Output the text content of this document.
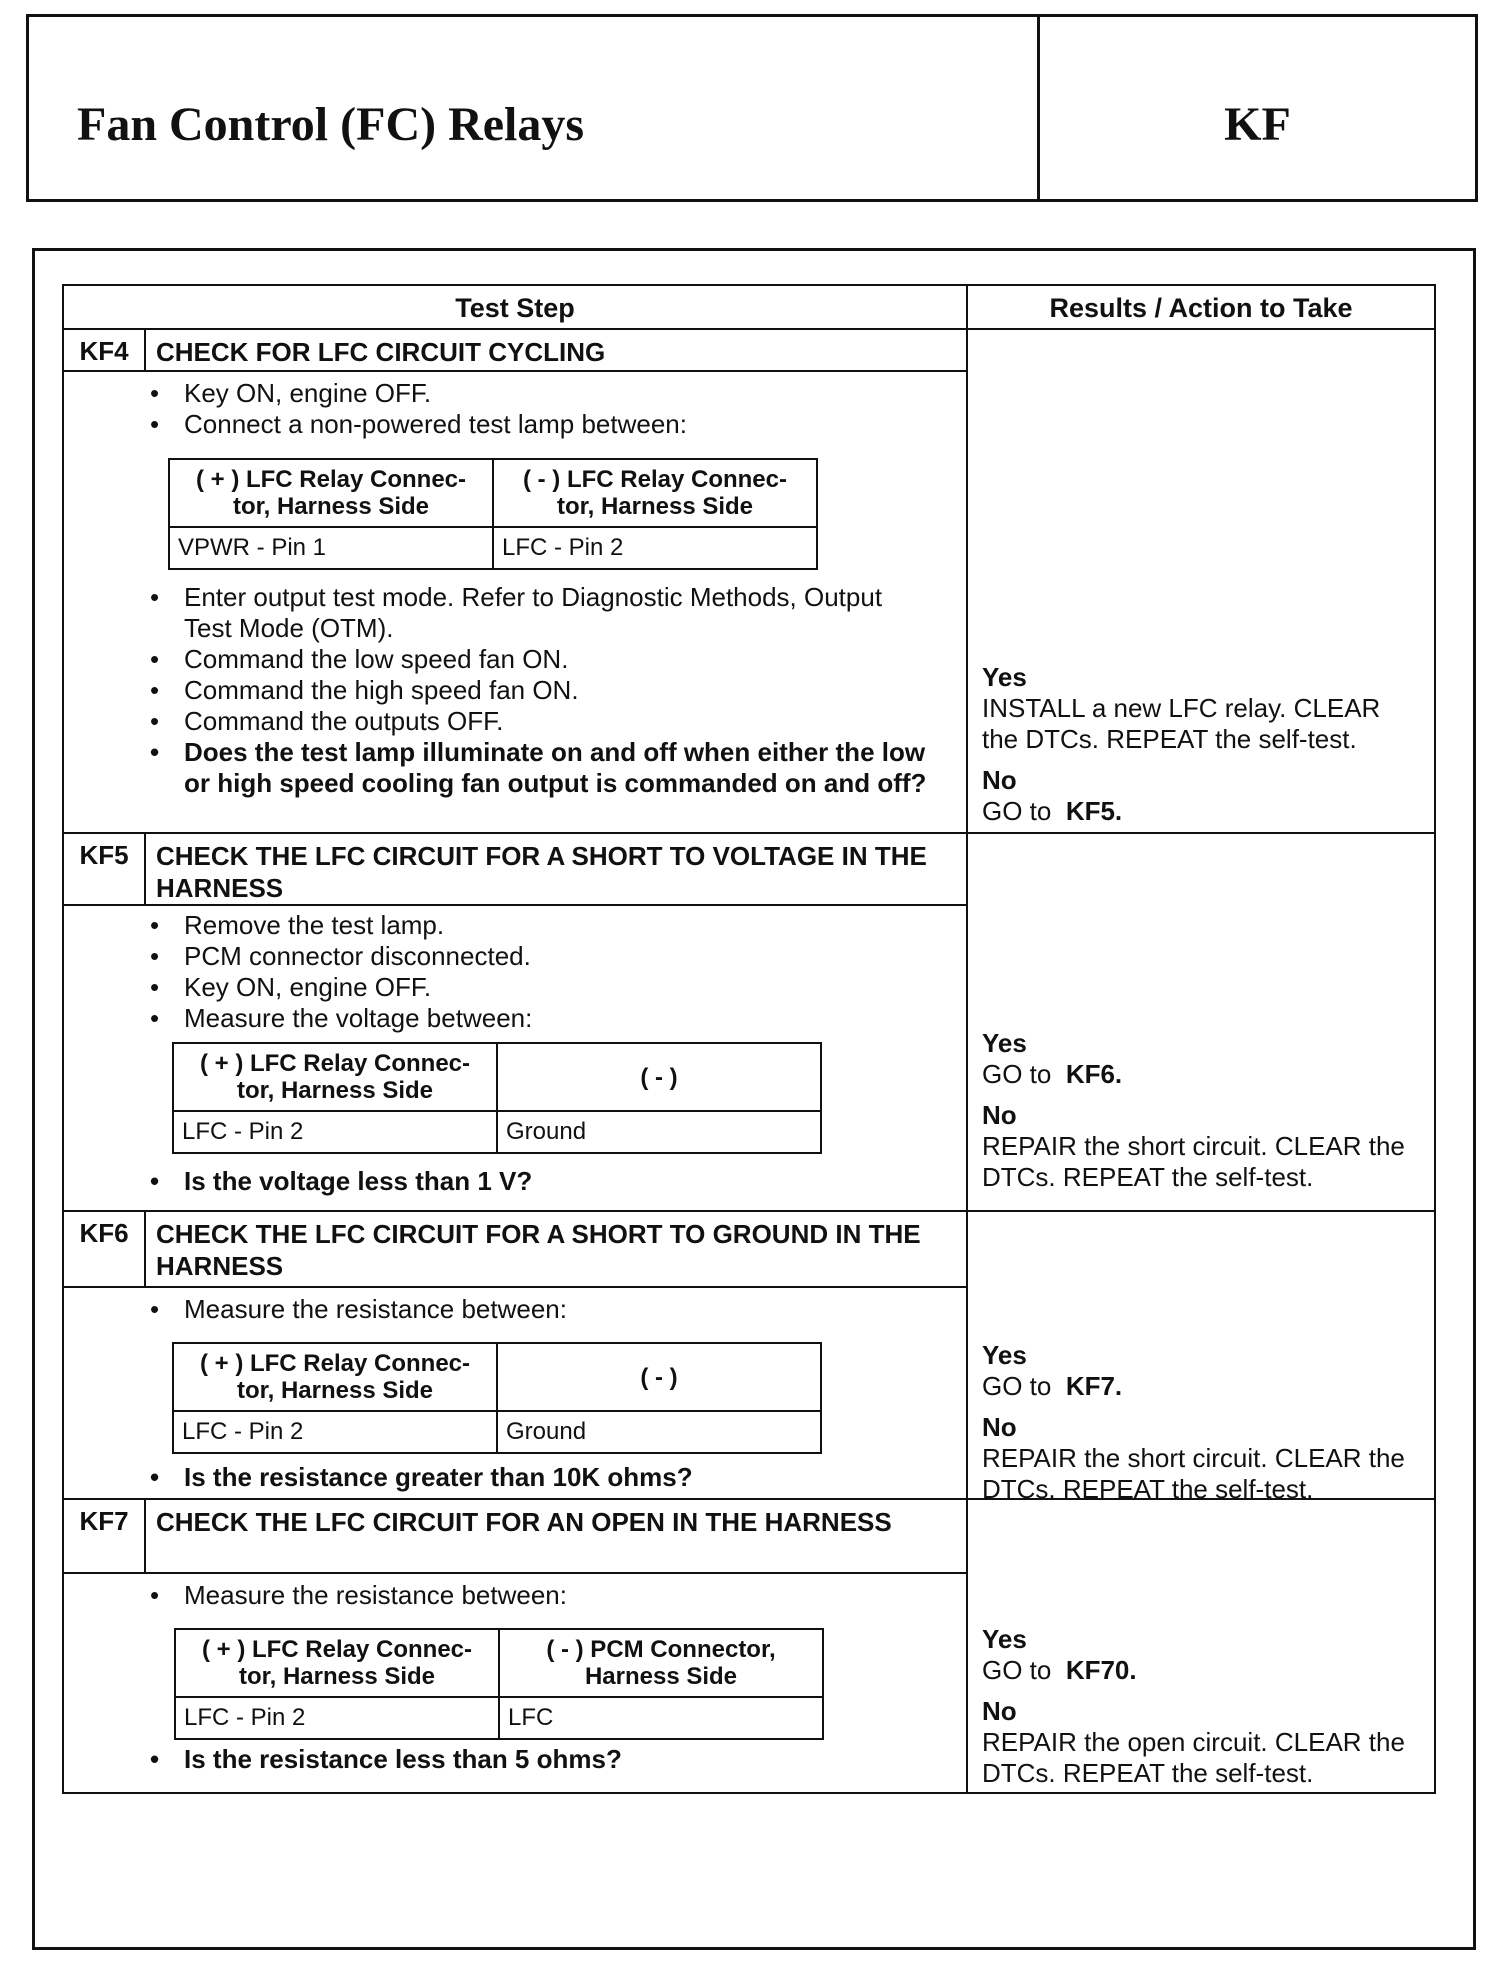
Fan Control (FC) Relays	KF
Test Step	Results / Action to Take
KF4	CHECK FOR LFC CIRCUIT CYCLING
• Key ON, engine OFF.
• Connect a non-powered test lamp between:
( + ) LFC Relay Connec- tor, Harness Side	( - ) LFC Relay Connec- tor, Harness Side
VPWR - Pin 1	LFC - Pin 2
• Enter output test mode. Refer to Diagnostic Methods, Output Test Mode (OTM).
• Command the low speed fan ON.
• Command the high speed fan ON.
• Command the outputs OFF.
• Does the test lamp illuminate on and off when either the low or high speed cooling fan output is commanded on and off?
Yes
INSTALL a new LFC relay. CLEAR the DTCs. REPEAT the self-test.
No
GO to KF5.
KF5	CHECK THE LFC CIRCUIT FOR A SHORT TO VOLTAGE IN THE HARNESS
• Remove the test lamp.
• PCM connector disconnected.
• Key ON, engine OFF.
• Measure the voltage between:
( + ) LFC Relay Connec- tor, Harness Side	( - )
LFC - Pin 2	Ground
• Is the voltage less than 1 V?
Yes
GO to KF6.
No
REPAIR the short circuit. CLEAR the DTCs. REPEAT the self-test.
KF6	CHECK THE LFC CIRCUIT FOR A SHORT TO GROUND IN THE HARNESS
• Measure the resistance between:
( + ) LFC Relay Connec- tor, Harness Side	( - )
LFC - Pin 2	Ground
• Is the resistance greater than 10K ohms?
Yes
GO to KF7.
No
REPAIR the short circuit. CLEAR the DTCs. REPEAT the self-test.
KF7	CHECK THE LFC CIRCUIT FOR AN OPEN IN THE HARNESS
• Measure the resistance between:
( + ) LFC Relay Connec- tor, Harness Side	( - ) PCM Connector, Harness Side
LFC - Pin 2	LFC
• Is the resistance less than 5 ohms?
Yes
GO to KF70.
No
REPAIR the open circuit. CLEAR the DTCs. REPEAT the self-test.
